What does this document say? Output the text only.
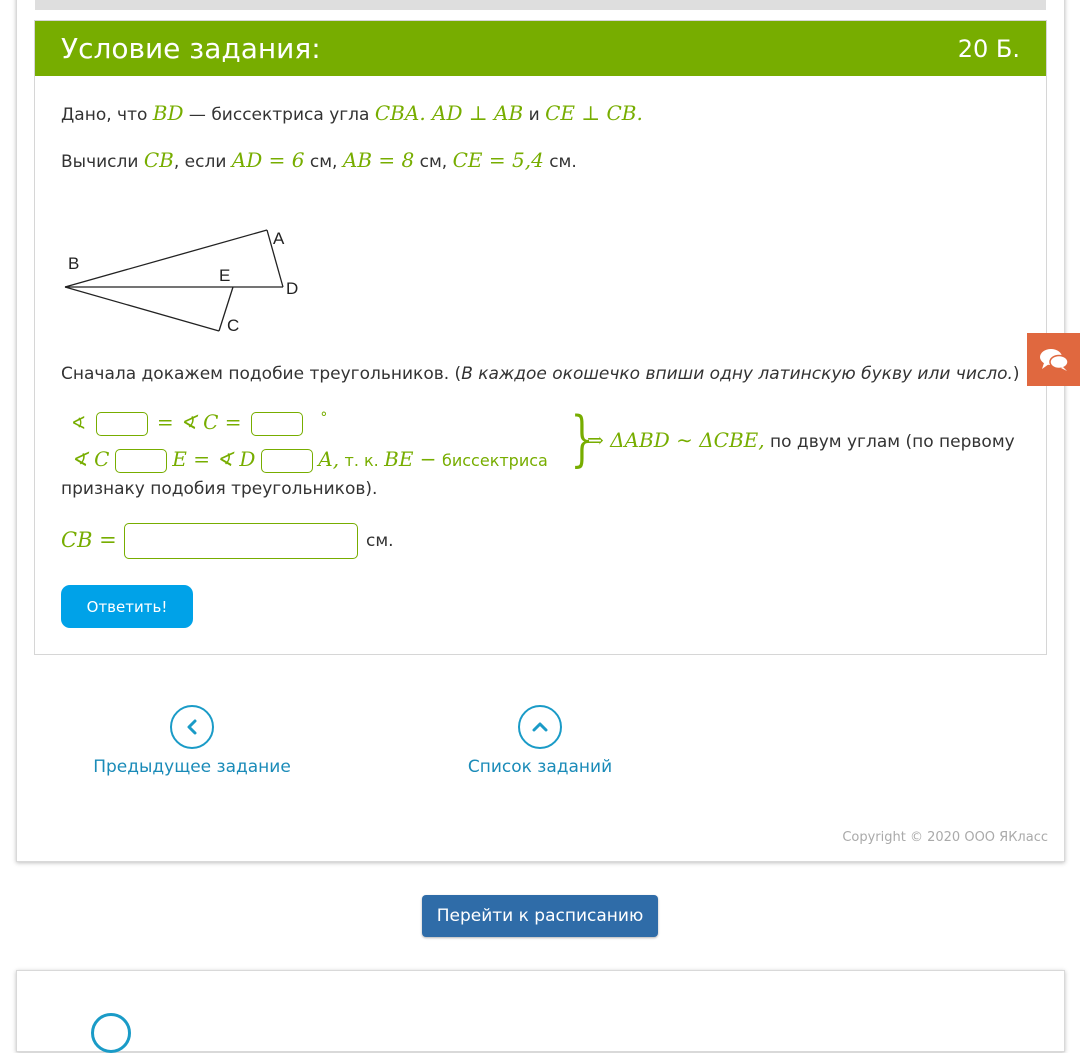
Условие задания:	20 Б.
Дано, что BD — биссектриса угла CBA. AD ⊥ AB и CE ⊥ CB.
Вычисли CB, если AD = 6 см, AB = 8 см, CE = 5,4 см.
B
A
E
D
C
Сначала докажем подобие треугольников. (В каждое окошечко впиши одну латинскую букву или число.)
∢	= ∢ C =	°
∢ C	E = ∢ D	A, т. к. BE − биссектриса }
⇒ ΔABD ∼ ΔCBE, по двум углам (по первому
признаку подобия треугольников).
CB =	см.
Ответить!
Предыдущее задание	Список заданий
Copyright © 2020 ООО ЯКласс
Перейти к расписанию
